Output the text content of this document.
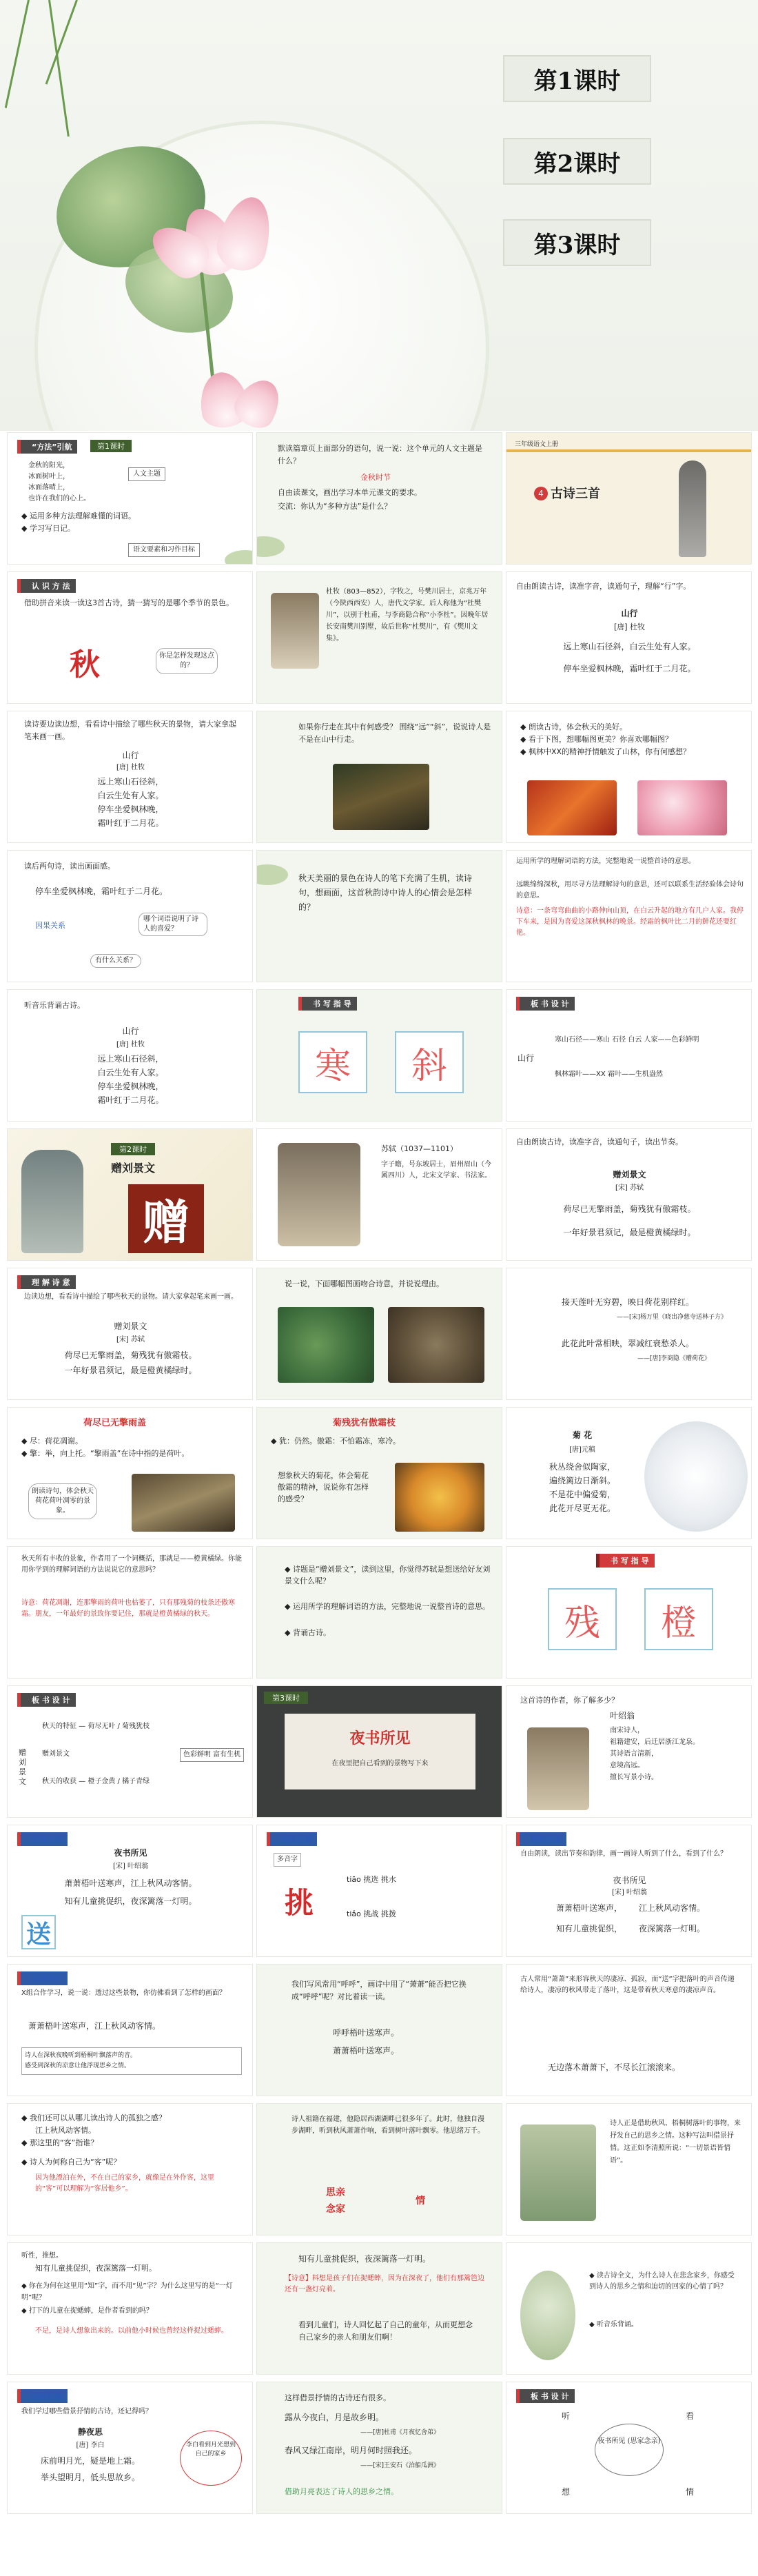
第1课时
第2课时
第3课时
“方法”引航	第1课时
金秋的阳光，
冰面树叶上，
冰面落晴上，
也许在我们的心上。
人文主题
◆ 运用多种方法理解难懂的词语。
◆ 学习写日记。
语文要素和习作目标
默读篇章页上面部分的语句，说一说：这个单元的人文主题是什么？
金秋时节
自由读课文，画出学习本单元课文的要求。
交流：你认为“多种方法”是什么？
三年级语文上册
4 古诗三首
认 识 方 法
借助拼音来读一读这3首古诗，猜一猜写的是哪个季节的景色。
秋	你是怎样发现这点的？
杜牧（803—852），字牧之，号樊川居士，京兆万年（今陕西西安）人，唐代文学家。后人称他为“杜樊川”，以别于杜甫，与李商隐合称“小李杜”。因晚年居长安南樊川别墅，故后世称“杜樊川”，有《樊川文集》。
自由朗读古诗，读准字音，读通句子，理解“行”字。
山行
[唐] 杜牧
远上寒山石径斜，白云生处有人家。
停车坐爱枫林晚，霜叶红于二月花。
读诗要边读边想，看看诗中描绘了哪些秋天的景物，请大家拿起笔来画一画。
山行
[唐] 杜牧
远上寒山石径斜，
白云生处有人家。
停车坐爱枫林晚，
霜叶红于二月花。
如果你行走在其中有何感受？ 围绕“远”“斜”，说说诗人是不是在山中行走。
◆ 朗读古诗，体会秋天的美好。
◆ 看于下图，想哪幅图更美？你喜欢哪幅图？
◆ 枫林中XX的精神抒情触发了山林，你有何感想？
读后两句诗，读出画面感。
停车坐爱枫林晚，霜叶红于二月花。
因果关系
哪个词语说明了诗人的喜爱？
有什么关系？
秋天美丽的景色在诗人的笔下充满了生机，读诗句，想画面，这首秋韵诗中诗人的心情会是怎样的？
运用所学的理解词语的方法，完整地说一说整首诗的意思。
远眺绵绵深秋，用尽寻方法理解诗句的意思，还可以联系生活经验体会诗句的意思。
诗意：一条弯弯曲曲的小路伸向山顶，在白云升起的地方有几户人家。我停下车来，是因为喜爱这深秋枫林的晚景。经霜的枫叶比二月的鲜花还要红艳。
听音乐背诵古诗。
山行
[唐] 杜牧
远上寒山石径斜，
白云生处有人家。
停车坐爱枫林晚，
霜叶红于二月花。
书 写 指 导
寒	斜
板 书 设 计
山行
寒山石径——寒山 石径 白云 人家——色彩鲜明
枫林霜叶——XX 霜叶——生机盎然
第2课时
赠刘景文
赠
苏轼（1037—1101）
字子瞻，号东坡居士，眉州眉山（今属四川）人，北宋文学家、书法家。
自由朗读古诗，读准字音，读通句子，读出节奏。
赠刘景文
[宋] 苏轼
荷尽已无擎雨盖，菊残犹有傲霜枝。
一年好景君须记，最是橙黄橘绿时。
理 解 诗 意
边读边想，看看诗中描绘了哪些秋天的景物。请大家拿起笔来画一画。
赠刘景文
[宋] 苏轼
荷尽已无擎雨盖，菊残犹有傲霜枝。
一年好景君须记，最是橙黄橘绿时。
说一说，下面哪幅图画吻合诗意，并说说理由。
接天莲叶无穷碧，映日荷花别样红。
——[宋]杨万里《晓出净慈寺送林子方》
此花此叶常相映，翠减红衰愁杀人。
——[唐]李商隐《赠荷花》
荷尽已无擎雨盖
◆ 尽：荷花凋谢。
◆ 擎：举，向上托。“擎雨盖”在诗中指的是荷叶。
朗读诗句，体会秋天荷花荷叶凋零的景象。
菊残犹有傲霜枝
◆ 犹：仍然。傲霜：不怕霜冻，寒冷。
想象秋天的菊花，体会菊花傲霜的精神，说说你有怎样的感受？
菊 花
[唐]元稹
秋丛绕舍似陶家，
遍绕篱边日渐斜。
不是花中偏爱菊，
此花开尽更无花。
秋天所有丰收的景象，作者用了一个词概括，那就是——橙黄橘绿。你能用你学到的理解词语的方法说说它的意思吗？
诗意：荷花凋谢，连那擎雨的荷叶也枯萎了，只有那残菊的枝条还傲寒霜。朋友，一年最好的景致你要记住，那就是橙黄橘绿的秋天。
◆ 诗题是“赠刘景文”，读到这里，你觉得苏轼是想送给好友刘景文什么呢？
◆ 运用所学的理解词语的方法，完整地说一说整首诗的意思。
◆ 背诵古诗。
书 写 指 导
残	橙
板 书 设 计
赠刘景文
秋天的特征 — 荷尽无叶 / 菊残犹枝
赠刘景文
秋天的收获 — 橙子金黄 / 橘子青绿
色彩鲜明 富有生机
第3课时
夜书所见
在夜里把自己看到的景物写下来
这首诗的作者，你了解多少？
叶绍翁
南宋诗人，
祖籍建安，后迁居浙江龙泉。
其诗语言清新，
意境高远。
擅长写景小诗。
朗读古诗
夜书所见
[宋] 叶绍翁
萧萧梧叶送寒声，江上秋风动客情。
知有儿童挑促织，夜深篱落一灯明。
送
初读古诗
多音字
挑
tiāo 挑选 挑水
tiǎo 挑战 挑拨
理解诗意
自由朗读，读出节奏和韵律，画一画诗人听到了什么，看到了什么？
夜书所见
[宋] 叶绍翁
萧萧梧叶送寒声，	江上秋风动客情。
知有儿童挑促织，	夜深篱落一灯明。
品读诗句
X组合作学习，说一说：透过这些景物，你仿佛看到了怎样的画面？
萧萧梧叶送寒声，江上秋风动客情。
诗人在深秋夜晚听到梧桐叶飘落声的音。
感受到深秋的凉意让他浮现思乡之情。
我们写风常用“呼呼”，画诗中用了“萧萧”能否把它换成“呼呼”呢？对比着读一读。
呼呼梧叶送寒声。
萧萧梧叶送寒声。
古人常用“萧萧”来形容秋天的凄凉、孤寂，而“送”字把落叶的声音传递给诗人，凄凉的秋风带走了落叶，这是带着秋天寒意的凄凉声音。
无边落木萧萧下，不尽长江滚滚来。
◆ 我们还可以从哪儿读出诗人的孤独之感？
江上秋风动客情。
◆ 那这里的“客”指谁？
◆ 诗人为何称自己为“客”呢？
因为他漂泊在外，不在自己的家乡，就像是在外作客，这里的“客”可以理解为“客居他乡”。
诗人祖籍在福建，他隐居西湖湖畔已很多年了。此时，他独自漫步湖畔，听到秋风萧萧作响，看到树叶落叶飘零。他思绪万千。
思亲
念家
情
诗人正是借助秋风、梧桐树落叶的事物，来抒发自己的思乡之情。这种写法叫借景抒情。这正如李清照所说：“一切景语皆情语”。
听性，推想。
知有儿童挑促织，夜深篱落一灯明。
◆ 你在为何在这里用“知”字，而不用“见”字？为什么这里写的是“一灯明”呢？
◆ 打下的儿童在捉蟋蟀，是作者看到的吗？
不是，是诗人想象出来的。以前他小时候也曾经这样捉过蟋蟀。
知有儿童挑促织，夜深篱落一灯明。
【诗意】料想是孩子们在捉蟋蟀，因为在深夜了，他们有那篱笆边还有一盏灯亮着。
看到儿童们，诗人回忆起了自己的童年，从而更想念自己家乡的亲人和朋友们啊！
◆ 读古诗全文，为什么诗人在悲念家乡，你感受到诗人的思乡之情和迫切的回家的心情了吗？
◆ 听音乐背诵。
回顾拓展
我们学过哪些借景抒情的古诗，还记得吗？
静夜思
[唐] 李白
床前明月光，疑是地上霜。
举头望明月，低头思故乡。
李白看到月光想到自己的家乡
这样借景抒情的古诗还有很多。
露从今夜白，月是故乡明。
——[唐]杜甫《月夜忆舍弟》
春风又绿江南岸，明月何时照我还。
——[宋]王安石《泊船瓜洲》
借助月亮表达了诗人的思乡之情。
板 书 设 计
夜书所见 (思家念亲)
听	看
想	情
